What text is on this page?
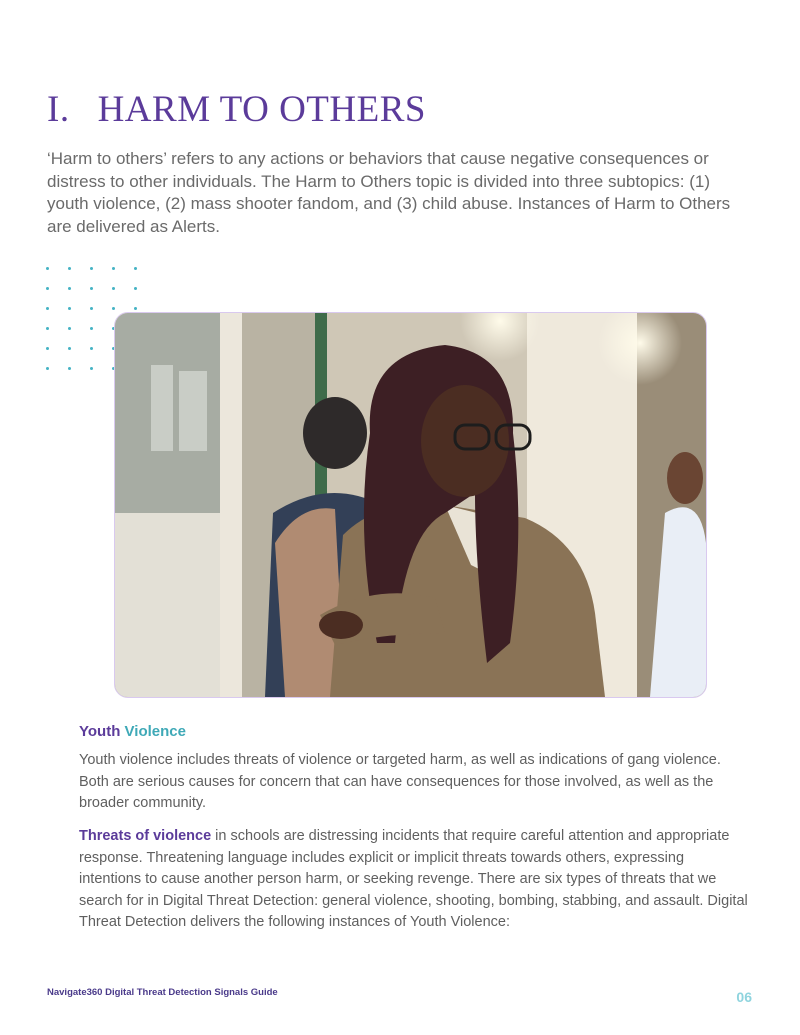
I. HARM TO OTHERS

‘Harm to others’ refers to any actions or behaviors that cause negative consequences or distress to other individuals. The Harm to Others topic is divided into three subtopics: (1) youth violence, (2) mass shooter fandom, and (3) child abuse. Instances of Harm to Others are delivered as Alerts.

Youth Violence

Youth violence includes threats of violence or targeted harm, as well as indications of gang violence. Both are serious causes for concern that can have consequences for those involved, as well as the broader community.

Threats of violence in schools are distressing incidents that require careful attention and appropriate response. Threatening language includes explicit or implicit threats towards others, expressing intentions to cause another person harm, or seeking revenge. There are six types of threats that we search for in Digital Threat Detection: general violence, shooting, bombing, stabbing, and assault. Digital Threat Detection delivers the following instances of Youth Violence:

Navigate360 Digital Threat Detection Signals Guide	06
